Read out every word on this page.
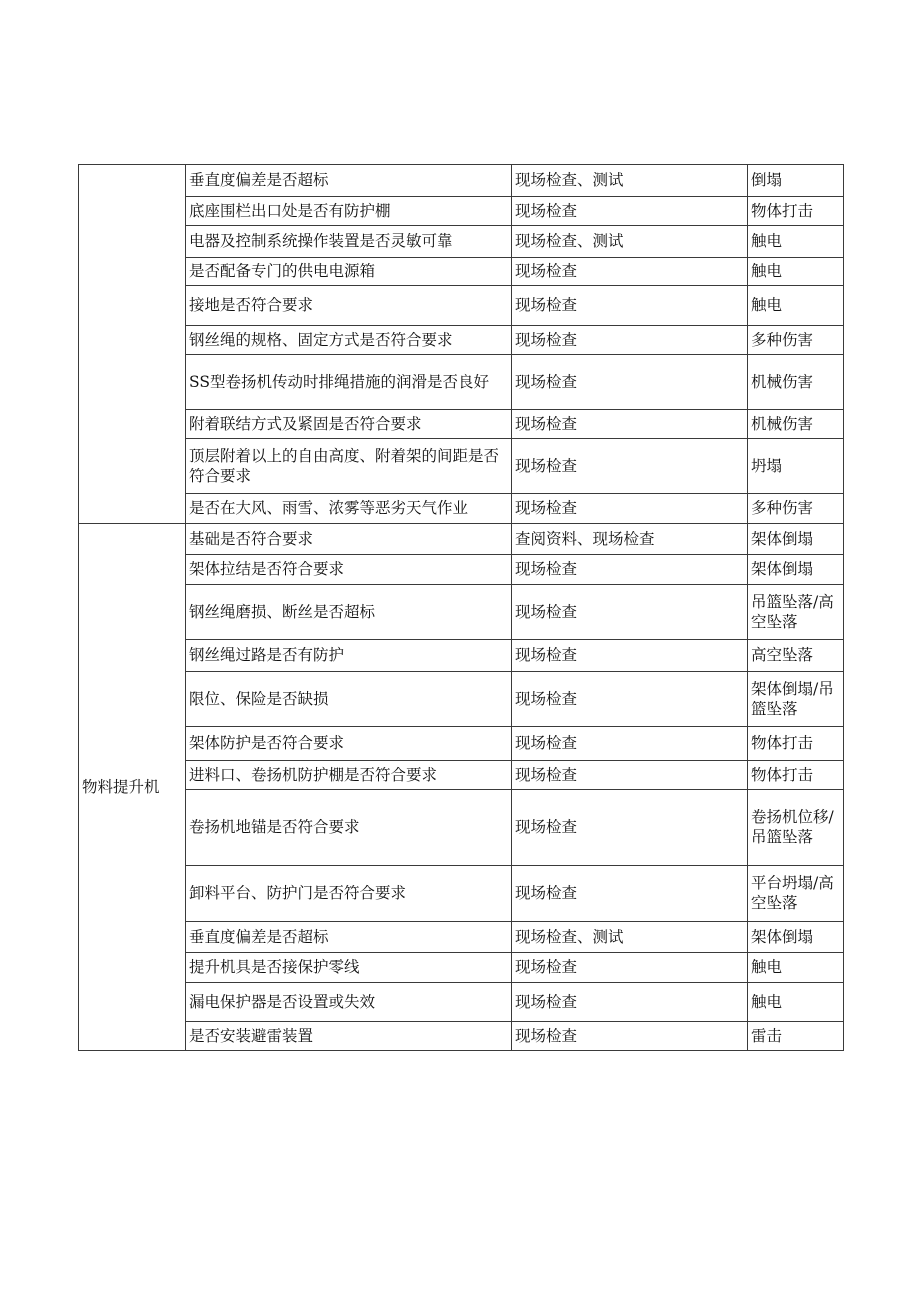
	垂直度偏差是否超标	现场检查、测试	倒塌
	底座围栏出口处是否有防护棚	现场检查	物体打击
	电器及控制系统操作装置是否灵敏可靠	现场检查、测试	触电
	是否配备专门的供电电源箱	现场检查	触电
	接地是否符合要求	现场检查	触电
	钢丝绳的规格、固定方式是否符合要求	现场检查	多种伤害
	SS型卷扬机传动时排绳措施的润滑是否良好	现场检查	机械伤害
	附着联结方式及紧固是否符合要求	现场检查	机械伤害
	顶层附着以上的自由高度、附着架的间距是否符合要求	现场检查	坍塌
	是否在大风、雨雪、浓雾等恶劣天气作业	现场检查	多种伤害
物料提升机	基础是否符合要求	查阅资料、现场检查	架体倒塌
	架体拉结是否符合要求	现场检查	架体倒塌
	钢丝绳磨损、断丝是否超标	现场检查	吊篮坠落/高空坠落
	钢丝绳过路是否有防护	现场检查	高空坠落
	限位、保险是否缺损	现场检查	架体倒塌/吊篮坠落
	架体防护是否符合要求	现场检查	物体打击
	进料口、卷扬机防护棚是否符合要求	现场检查	物体打击
	卷扬机地锚是否符合要求	现场检查	卷扬机位移/吊篮坠落
	卸料平台、防护门是否符合要求	现场检查	平台坍塌/高空坠落
	垂直度偏差是否超标	现场检查、测试	架体倒塌
	提升机具是否接保护零线	现场检查	触电
	漏电保护器是否设置或失效	现场检查	触电
	是否安装避雷装置	现场检查	雷击
